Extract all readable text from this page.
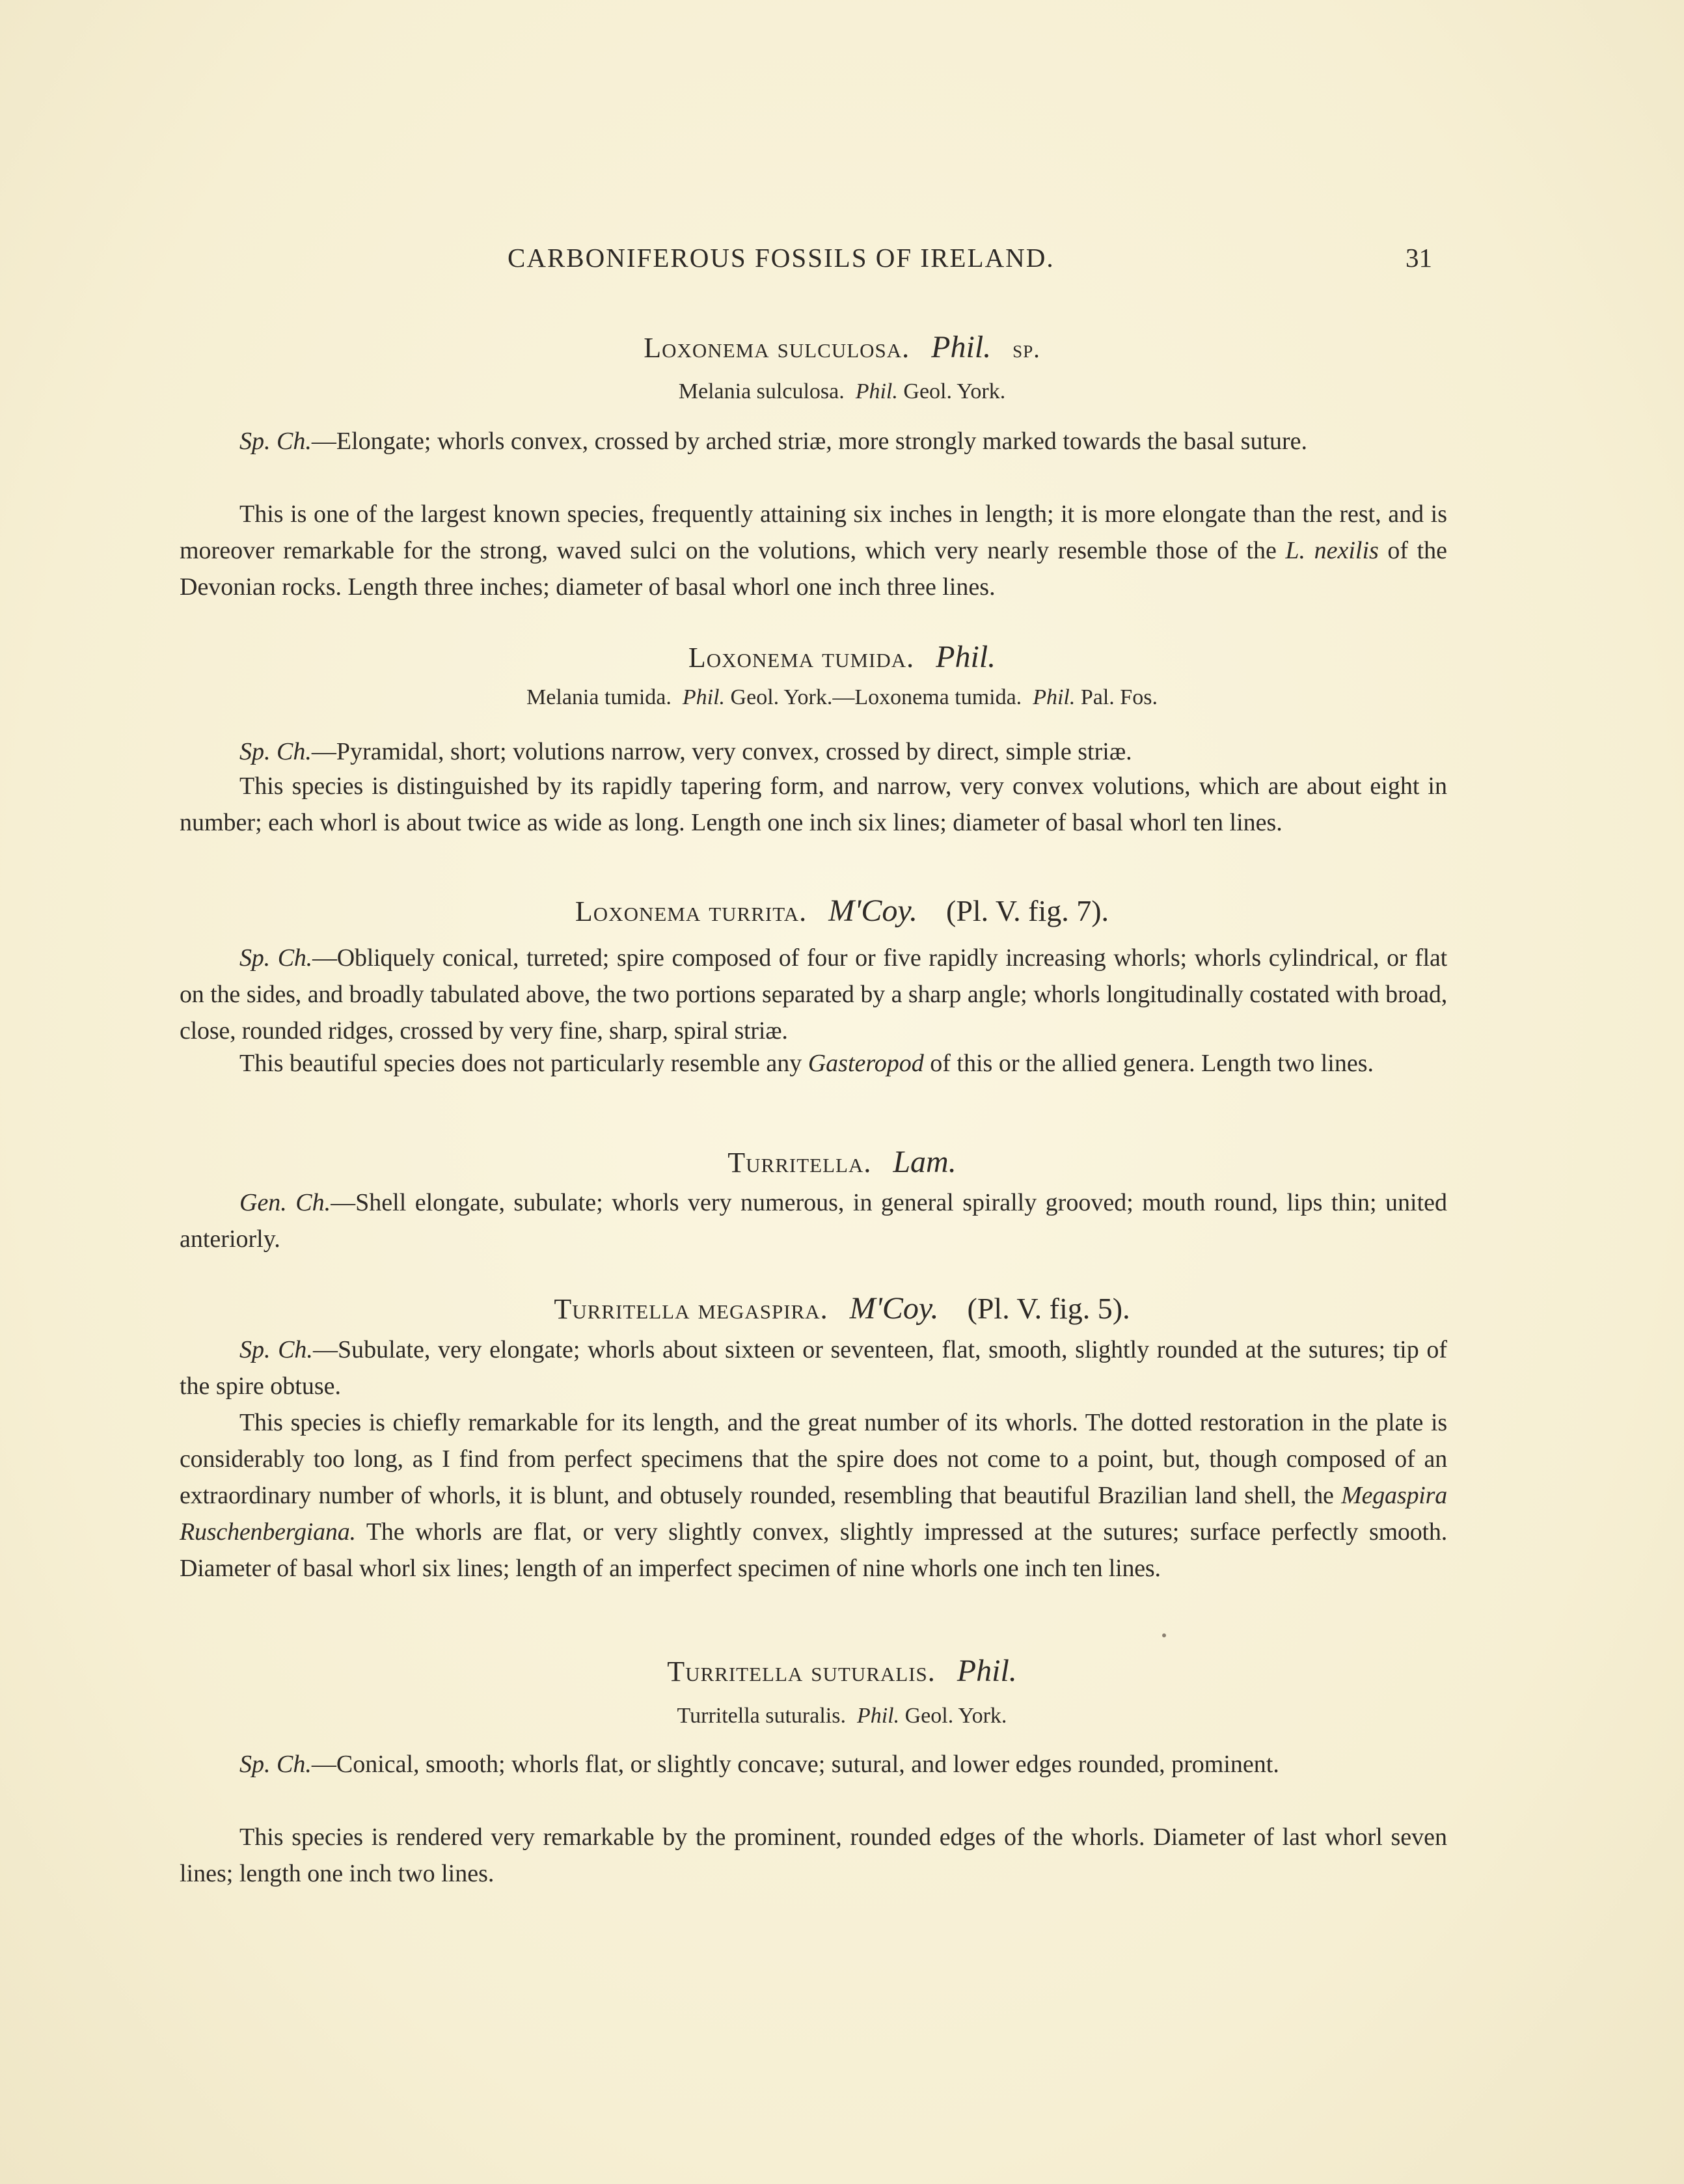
CARBONIFEROUS FOSSILS OF IRELAND.	31
Loxonema sulculosa. Phil. sp.
Melania sulculosa. Phil. Geol. York.

Sp. Ch.—Elongate; whorls convex, crossed by arched striæ, more strongly marked towards the basal suture.

This is one of the largest known species, frequently attaining six inches in length; it is more elongate than the rest, and is moreover remarkable for the strong, waved sulci on the volutions, which very nearly resemble those of the L. nexilis of the Devonian rocks. Length three inches; diameter of basal whorl one inch three lines.

Loxonema tumida. Phil.
Melania tumida. Phil. Geol. York.—Loxonema tumida. Phil. Pal. Fos.

Sp. Ch.—Pyramidal, short; volutions narrow, very convex, crossed by direct, simple striæ.

This species is distinguished by its rapidly tapering form, and narrow, very convex volutions, which are about eight in number; each whorl is about twice as wide as long. Length one inch six lines; diameter of basal whorl ten lines.

Loxonema turrita. M'Coy. (Pl. V. fig. 7).

Sp. Ch.—Obliquely conical, turreted; spire composed of four or five rapidly increasing whorls; whorls cylindrical, or flat on the sides, and broadly tabulated above, the two portions separated by a sharp angle; whorls longitudinally costated with broad, close, rounded ridges, crossed by very fine, sharp, spiral striæ.

This beautiful species does not particularly resemble any Gasteropod of this or the allied genera. Length two lines.

Turritella. Lam.

Gen. Ch.—Shell elongate, subulate; whorls very numerous, in general spirally grooved; mouth round, lips thin; united anteriorly.

Turritella megaspira. M'Coy. (Pl. V. fig. 5).

Sp. Ch.—Subulate, very elongate; whorls about sixteen or seventeen, flat, smooth, slightly rounded at the sutures; tip of the spire obtuse.

This species is chiefly remarkable for its length, and the great number of its whorls. The dotted restoration in the plate is considerably too long, as I find from perfect specimens that the spire does not come to a point, but, though composed of an extraordinary number of whorls, it is blunt, and obtusely rounded, resembling that beautiful Brazilian land shell, the Megaspira Ruschenbergiana. The whorls are flat, or very slightly convex, slightly impressed at the sutures; surface perfectly smooth. Diameter of basal whorl six lines; length of an imperfect specimen of nine whorls one inch ten lines.

Turritella suturalis. Phil.
Turritella suturalis. Phil. Geol. York.

Sp. Ch.—Conical, smooth; whorls flat, or slightly concave; sutural, and lower edges rounded, prominent.

This species is rendered very remarkable by the prominent, rounded edges of the whorls. Diameter of last whorl seven lines; length one inch two lines.
